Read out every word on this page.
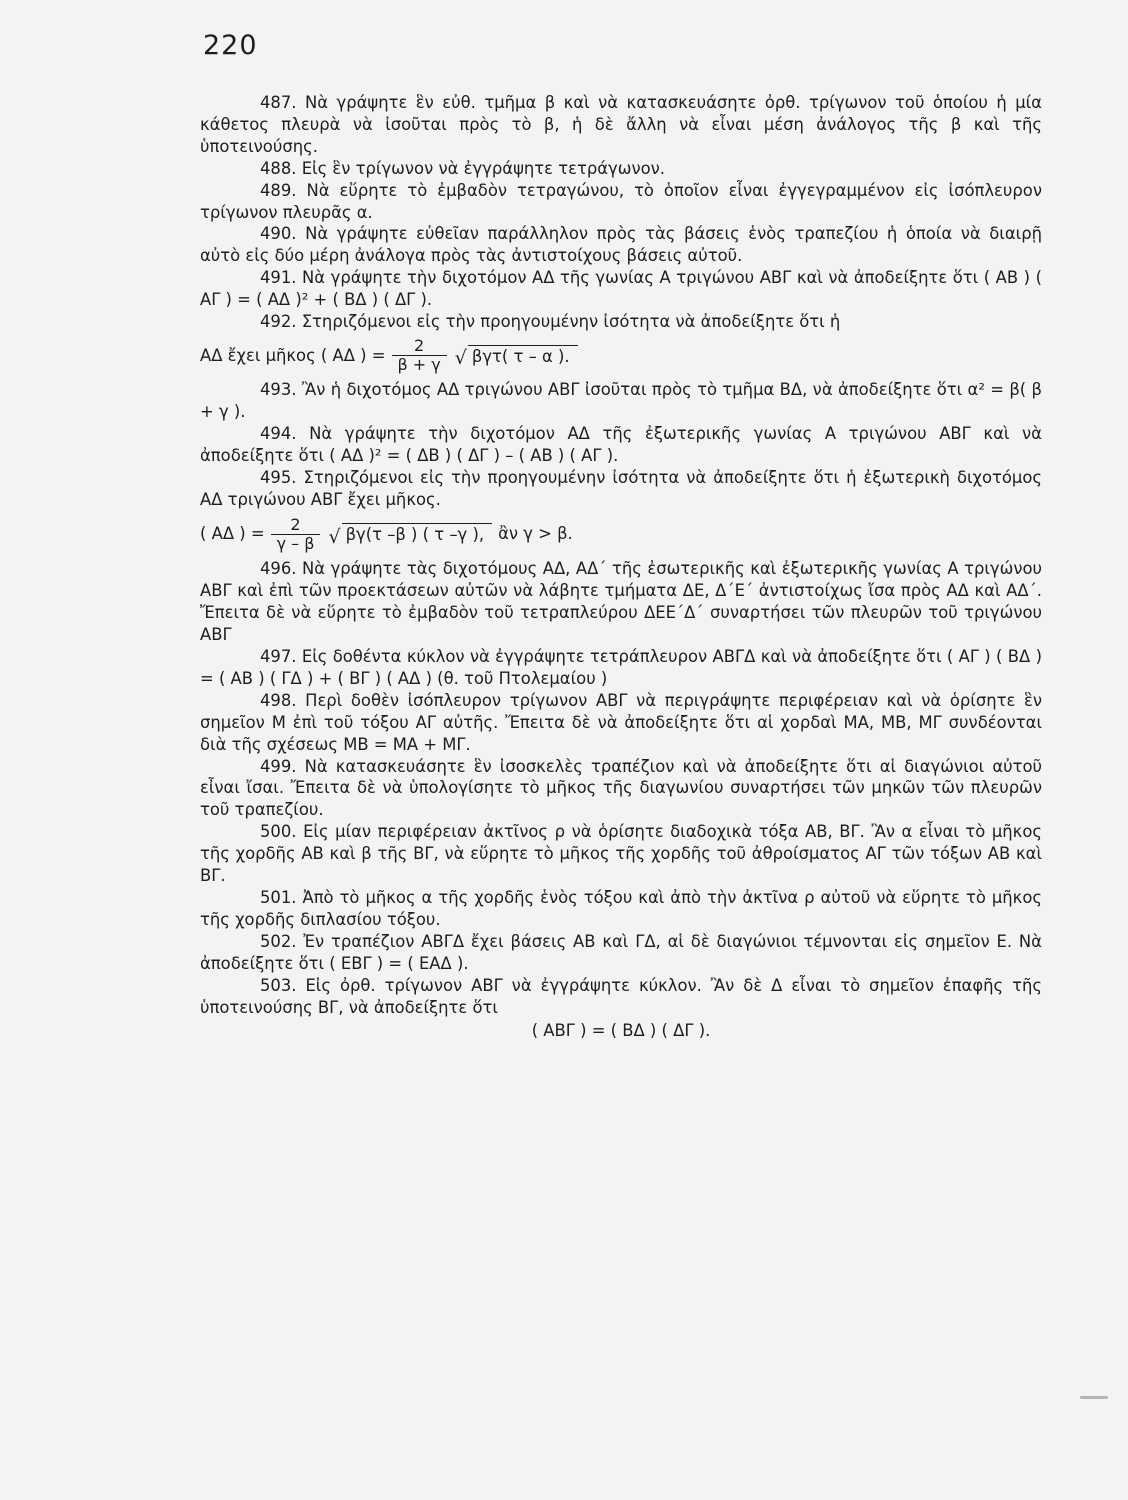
220

487. Νὰ γράψητε ἓν εὐθ. τμῆμα β καὶ νὰ κατασκευάσητε ὀρθ. τρίγωνον τοῦ ὁποίου ἡ μία κάθετος πλευρὰ νὰ ἰσοῦται πρὸς τὸ β, ἡ δὲ ἄλλη νὰ εἶναι μέση ἀνάλογος τῆς β καὶ τῆς ὑποτεινούσης.

488. Εἰς ἓν τρίγωνον νὰ ἐγγράψητε τετράγωνον.

489. Νὰ εὕρητε τὸ ἐμβαδὸν τετραγώνου, τὸ ὁποῖον εἶναι ἐγγεγραμμένον εἰς ἰσόπλευρον τρίγωνον πλευρᾶς α.

490. Νὰ γράψητε εὐθεῖαν παράλληλον πρὸς τὰς βάσεις ἑνὸς τραπεζίου ἡ ὁποία νὰ διαιρῇ αὐτὸ εἰς δύο μέρη ἀνάλογα πρὸς τὰς ἀντιστοίχους βάσεις αὐτοῦ.

491. Νὰ γράψητε τὴν διχοτόμον ΑΔ τῆς γωνίας Α τριγώνου ΑΒΓ καὶ νὰ ἀποδείξητε ὅτι ( ΑΒ ) ( ΑΓ ) = ( ΑΔ )² + ( ΒΔ ) ( ΔΓ ).

492. Στηριζόμενοι εἰς τὴν προηγουμένην ἰσότητα νὰ ἀποδείξητε ὅτι ἡ

ΑΔ ἔχει μῆκος ( ΑΔ ) = $\frac{2}{\beta + \gamma}$ √ βγτ( τ – α ).

493. Ἂν ἡ διχοτόμος ΑΔ τριγώνου ΑΒΓ ἰσοῦται πρὸς τὸ τμῆμα ΒΔ, νὰ ἀποδείξητε ὅτι α² = β( β + γ ).

494. Νὰ γράψητε τὴν διχοτόμον ΑΔ τῆς ἐξωτερικῆς γωνίας Α τριγώνου ΑΒΓ καὶ νὰ ἀποδείξητε ὅτι ( ΑΔ )² = ( ΔΒ ) ( ΔΓ ) – ( ΑΒ ) ( ΑΓ ).

495. Στηριζόμενοι εἰς τὴν προηγουμένην ἰσότητα νὰ ἀποδείξητε ὅτι ἡ ἐξωτερικὴ διχοτόμος ΑΔ τριγώνου ΑΒΓ ἔχει μῆκος.

( ΑΔ ) = $\frac{2}{\gamma - \beta}$ √ βγ(τ –β ) ( τ –γ ), ἂν γ > β.

496. Νὰ γράψητε τὰς διχοτόμους ΑΔ, ΑΔ΄ τῆς ἐσωτερικῆς καὶ ἐξωτερικῆς γωνίας Α τριγώνου ΑΒΓ καὶ ἐπὶ τῶν προεκτάσεων αὐτῶν νὰ λάβητε τμήματα ΔΕ, Δ΄Ε΄ ἀντιστοίχως ἴσα πρὸς ΑΔ καὶ ΑΔ΄. Ἔπειτα δὲ νὰ εὕρητε τὸ ἐμβαδὸν τοῦ τετραπλεύρου ΔΕΕ΄Δ΄ συναρτήσει τῶν πλευρῶν τοῦ τριγώνου ΑΒΓ

497. Εἰς δοθέντα κύκλον νὰ ἐγγράψητε τετράπλευρον ΑΒΓΔ καὶ νὰ ἀποδείξητε ὅτι ( ΑΓ ) ( ΒΔ ) = ( ΑΒ ) ( ΓΔ ) + ( ΒΓ ) ( ΑΔ ) (θ. τοῦ Πτολεμαίου )

498. Περὶ δοθὲν ἰσόπλευρον τρίγωνον ΑΒΓ νὰ περιγράψητε περιφέρειαν καὶ νὰ ὁρίσητε ἓν σημεῖον Μ ἐπὶ τοῦ τόξου ΑΓ αὐτῆς. Ἔπειτα δὲ νὰ ἀποδείξητε ὅτι αἱ χορδαὶ ΜΑ, ΜΒ, ΜΓ συνδέονται διὰ τῆς σχέσεως ΜΒ = ΜΑ + ΜΓ.

499. Νὰ κατασκευάσητε ἓν ἰσοσκελὲς τραπέζιον καὶ νὰ ἀποδείξητε ὅτι αἱ διαγώνιοι αὐτοῦ εἶναι ἴσαι. Ἔπειτα δὲ νὰ ὑπολογίσητε τὸ μῆκος τῆς διαγωνίου συναρτήσει τῶν μηκῶν τῶν πλευρῶν τοῦ τραπεζίου.

500. Εἰς μίαν περιφέρειαν ἀκτῖνος ρ νὰ ὁρίσητε διαδοχικὰ τόξα ΑΒ, ΒΓ. Ἂν α εἶναι τὸ μῆκος τῆς χορδῆς ΑΒ καὶ β τῆς ΒΓ, νὰ εὕρητε τὸ μῆκος τῆς χορδῆς τοῦ ἀθροίσματος ΑΓ τῶν τόξων ΑΒ καὶ ΒΓ.

501. Ἀπὸ τὸ μῆκος α τῆς χορδῆς ἑνὸς τόξου καὶ ἀπὸ τὴν ἀκτῖνα ρ αὐτοῦ νὰ εὕρητε τὸ μῆκος τῆς χορδῆς διπλασίου τόξου.

502. Ἐν τραπέζιον ΑΒΓΔ ἔχει βάσεις ΑΒ καὶ ΓΔ, αἱ δὲ διαγώνιοι τέμνονται εἰς σημεῖον Ε. Νὰ ἀποδείξητε ὅτι ( ΕΒΓ ) = ( ΕΑΔ ).

503. Εἰς ὀρθ. τρίγωνον ΑΒΓ νὰ ἐγγράψητε κύκλον. Ἂν δὲ Δ εἶναι τὸ σημεῖον ἐπαφῆς τῆς ὑποτεινούσης ΒΓ, νὰ ἀποδείξητε ὅτι

( ΑΒΓ ) = ( ΒΔ ) ( ΔΓ ).
